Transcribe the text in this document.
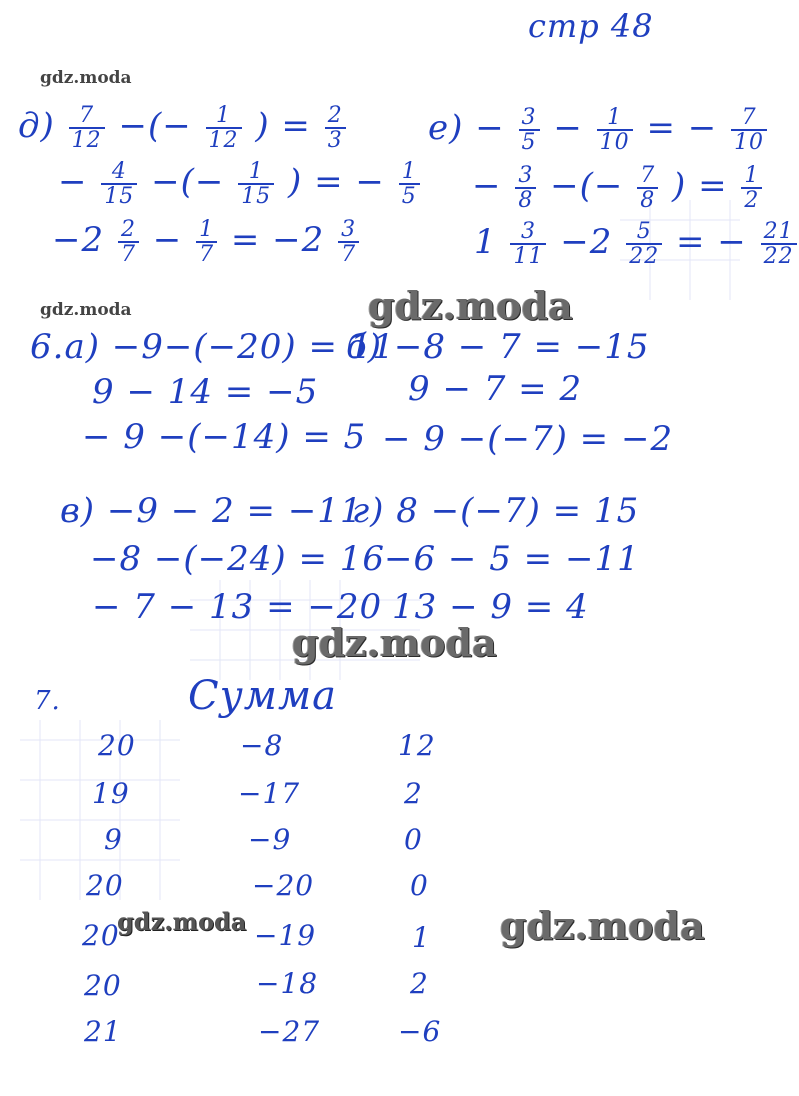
стр 48
gdz.moda
gdz.moda	gdz.moda
gdz.moda
gdz.moda	gdz.moda
$д) \frac{7}{12}$ −(− $\frac{1}{12}$ ) = $\frac{2}{3}$
− $\frac{4}{15}$ −(− $\frac{1}{15}$ ) = − $\frac{1}{5}$
$-2 \frac{2}{7} - \frac{1}{7} = -2 \frac{3}{7}$
$е) - \frac{3}{5} - \frac{1}{10}$ = − $\frac{7}{10}$
− $\frac{3}{8}$ −(− $\frac{7}{8}$ ) = $\frac{1}{2}$
$1 \frac{3}{11} -2 \frac{5}{22}$ = − $\frac{21}{22}$
6.а) −9−(−20) = 11
9 − 14 = −5
− 9 −(−14) = 5
б) −8 − 7 = −15
9 − 7 = 2
− 9 −(−7) = −2
в) −9 − 2 = −11
−8 −(−24) = 16
− 7 − 13 = −20
г) 8 −(−7) = 15
−6 − 5 = −11
13 − 9 = 4
7.	Сумма
20	−8	12
19	−17	2
9	−9	0
20	−20	0
20	−19	1
20	−18	2
21	−27	−6
